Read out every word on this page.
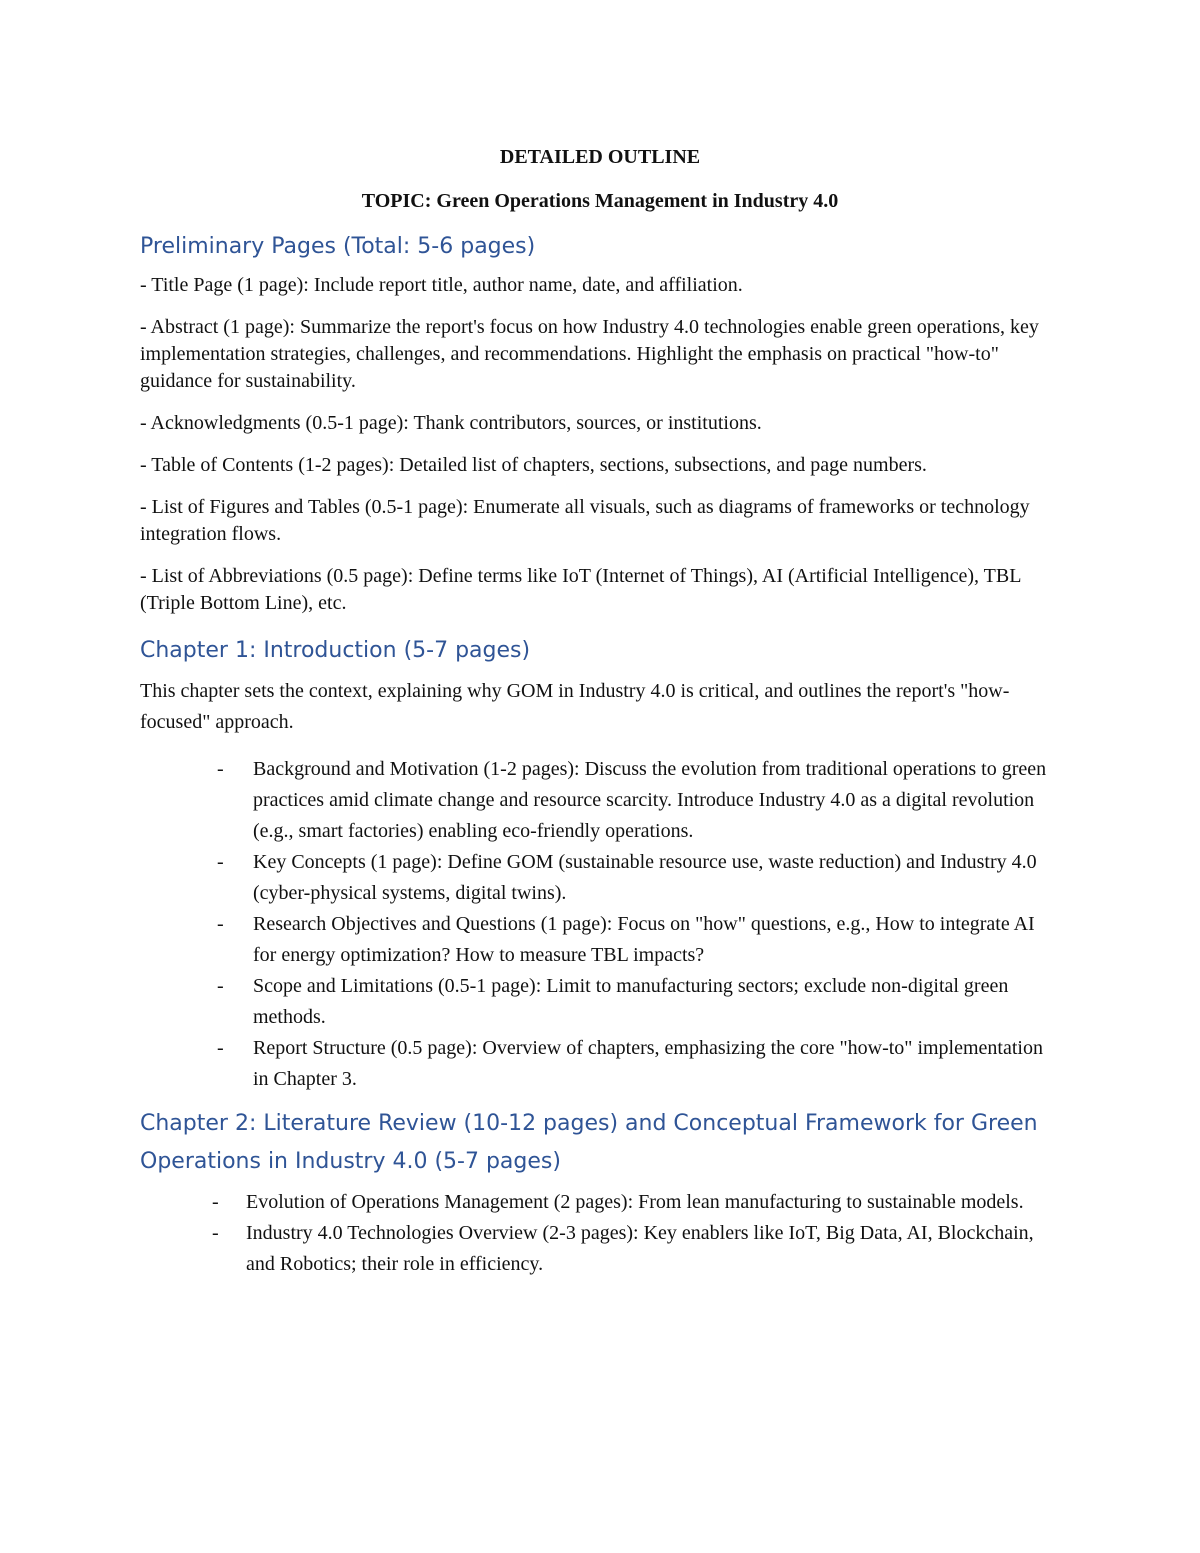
DETAILED OUTLINE
TOPIC: Green Operations Management in Industry 4.0
Preliminary Pages (Total: 5-6 pages)
- Title Page (1 page): Include report title, author name, date, and affiliation.
- Abstract (1 page): Summarize the report's focus on how Industry 4.0 technologies enable green operations, key implementation strategies, challenges, and recommendations. Highlight the emphasis on practical "how-to" guidance for sustainability.
- Acknowledgments (0.5-1 page): Thank contributors, sources, or institutions.
- Table of Contents (1-2 pages): Detailed list of chapters, sections, subsections, and page numbers.
- List of Figures and Tables (0.5-1 page): Enumerate all visuals, such as diagrams of frameworks or technology integration flows.
- List of Abbreviations (0.5 page): Define terms like IoT (Internet of Things), AI (Artificial Intelligence), TBL (Triple Bottom Line), etc.
Chapter 1: Introduction (5-7 pages)
This chapter sets the context, explaining why GOM in Industry 4.0 is critical, and outlines the report's "how-focused" approach.
- Background and Motivation (1-2 pages): Discuss the evolution from traditional operations to green practices amid climate change and resource scarcity. Introduce Industry 4.0 as a digital revolution (e.g., smart factories) enabling eco-friendly operations.
- Key Concepts (1 page): Define GOM (sustainable resource use, waste reduction) and Industry 4.0 (cyber-physical systems, digital twins).
- Research Objectives and Questions (1 page): Focus on "how" questions, e.g., How to integrate AI for energy optimization? How to measure TBL impacts?
- Scope and Limitations (0.5-1 page): Limit to manufacturing sectors; exclude non-digital green methods.
- Report Structure (0.5 page): Overview of chapters, emphasizing the core "how-to" implementation in Chapter 3.
Chapter 2: Literature Review (10-12 pages) and Conceptual Framework for Green Operations in Industry 4.0 (5-7 pages)
- Evolution of Operations Management (2 pages): From lean manufacturing to sustainable models.
- Industry 4.0 Technologies Overview (2-3 pages): Key enablers like IoT, Big Data, AI, Blockchain, and Robotics; their role in efficiency.
